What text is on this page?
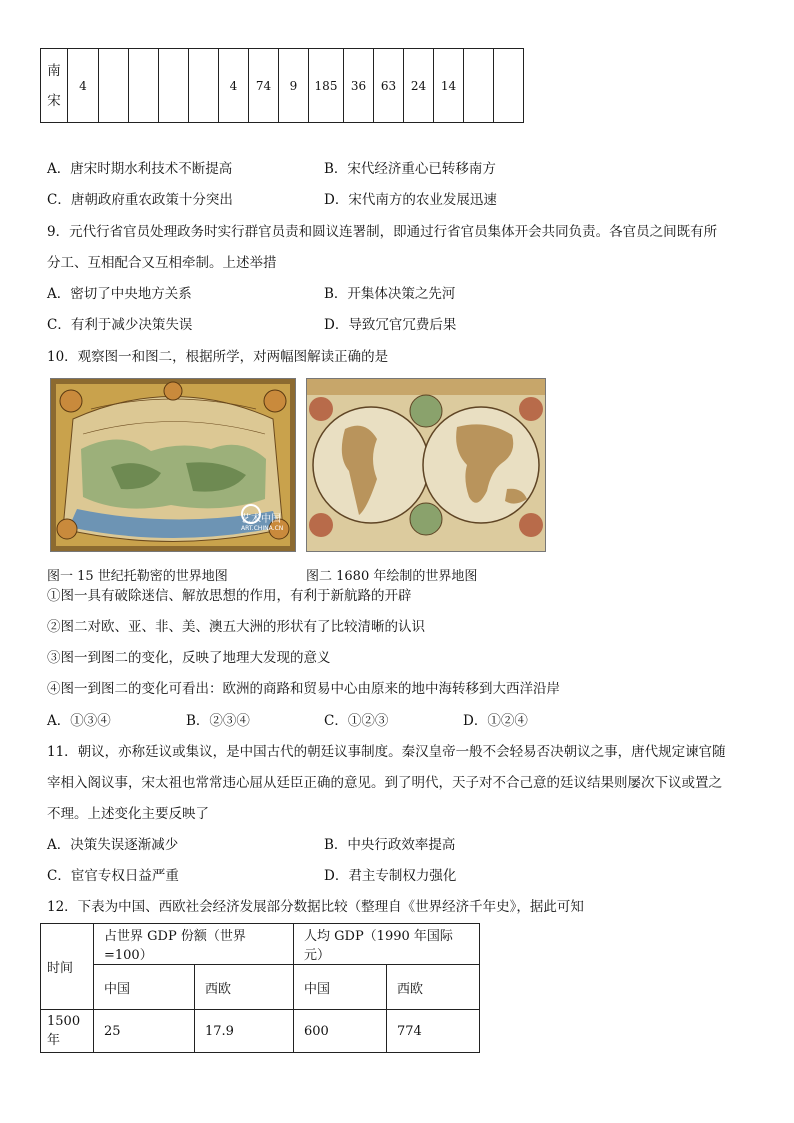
南
宋
	4					4	74	9	185	36	63	24	14		
A．唐宋时期水利技术不断提高	B．宋代经济重心已转移南方
C．唐朝政府重农政策十分突出	D．宋代南方的农业发展迅速
9．元代行省官员处理政务时实行群官员责和圆议连署制，即通过行省官员集体开会共同负责。各官员之间既有所
分工、互相配合又互相牵制。上述举措
A．密切了中央地方关系	B．开集体决策之先河
C．有利于减少决策失误	D．导致冗官冗费后果
10．观察图一和图二，根据所学，对两幅图解读正确的是
艺术中国
ART.CHINA.CN
图一 15 世纪托勒密的世界地图	图二 1680 年绘制的世界地图
①图一具有破除迷信、解放思想的作用，有利于新航路的开辟
②图二对欧、亚、非、美、澳五大洲的形状有了比较清晰的认识
③图一到图二的变化，反映了地理大发现的意义
④图一到图二的变化可看出：欧洲的商路和贸易中心由原来的地中海转移到大西洋沿岸
A．①③④	B．②③④	C．①②③	D．①②④
11．朝议，亦称廷议或集议，是中国古代的朝廷议事制度。秦汉皇帝一般不会轻易否决朝议之事，唐代规定谏官随
宰相入阁议事，宋太祖也常常违心屈从廷臣正确的意见。到了明代，天子对不合己意的廷议结果则屡次下议或置之
不理。上述变化主要反映了
A．决策失误逐渐减少	B．中央行政效率提高
C．宦官专权日益严重	D．君主专制权力强化
12．下表为中国、西欧社会经济发展部分数据比较（整理自《世界经济千年史》，据此可知
时间	占世界 GDP 份额（世界=100）		人均 GDP（1990 年国际元）	
	中国	西欧	中国	西欧
1500 年	25	17.9	600	774
